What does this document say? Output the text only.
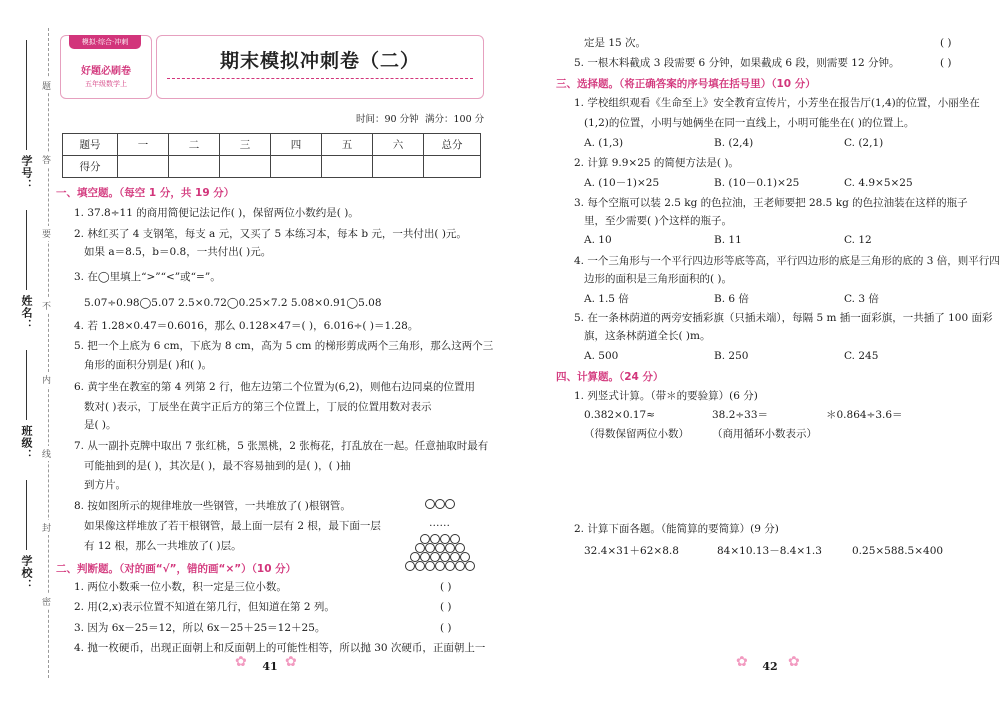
学号：
姓名：
班级：
学校：
题
答
要
不
内
线
封
密
模拟·综合·冲刺
好题必刷卷
五年级数学上
期末模拟冲刺卷（二）
时间：90 分钟 满分：100 分
题号	一	二	三	四	五	六	总分
得分							
一、填空题。（每空 1 分，共 19 分）
1. 37.8÷11 的商用简便记法记作( )，保留两位小数约是( )。
2. 林红买了 4 支钢笔，每支 a 元，又买了 5 本练习本，每本 b 元，一共付出( )元。
如果 a＝8.5，b＝0.8，一共付出( )元。
3. 在◯里填上“>”“<”或“=”。
5.07÷0.98◯5.07 2.5×0.72◯0.25×7.2 5.08×0.91◯5.08
4. 若 1.28×0.47＝0.6016，那么 0.128×47＝( )，6.016÷( )＝1.28。
5. 把一个上底为 6 cm，下底为 8 cm，高为 5 cm 的梯形剪成两个三角形，那么这两个三
角形的面积分别是( )和( )。
6. 黄宇坐在教室的第 4 列第 2 行，他左边第二个位置为(6,2)，则他右边同桌的位置用
数对( )表示，丁辰坐在黄宇正后方的第三个位置上，丁辰的位置用数对表示
是( )。
7. 从一副扑克牌中取出 7 张红桃，5 张黑桃，2 张梅花，打乱放在一起。任意抽取时最有
可能抽到的是( )，其次是( )，最不容易抽到的是( )，( )抽
到方片。
8. 按如图所示的规律堆放一些钢管，一共堆放了( )根钢管。
如果像这样堆放了若干根钢管，最上面一层有 2 根，最下面一层
有 12 根，那么一共堆放了( )层。
……
二、判断题。（对的画“√”，错的画“×”）（10 分）
1. 两位小数乘一位小数，积一定是三位小数。	( )
2. 用(2,x)表示位置不知道在第几行，但知道在第 2 列。	( )
3. 因为 6x－25＝12，所以 6x－25＋25＝12＋25。	( )
4. 抛一枚硬币，出现正面朝上和反面朝上的可能性相等，所以抛 30 次硬币，正面朝上一
✿	41 ✿
定是 15 次。	( )
5. 一根木料截成 3 段需要 6 分钟，如果截成 6 段，则需要 12 分钟。	( )
三、选择题。（将正确答案的序号填在括号里）（10 分）
1. 学校组织观看《生命至上》安全教育宣传片，小芳坐在报告厅(1,4)的位置，小丽坐在
(1,2)的位置，小明与她俩坐在同一直线上，小明可能坐在( )的位置上。
A. (1,3)	B. (2,4)	C. (2,1)
2. 计算 9.9×25 的简便方法是( )。
A. (10－1)×25	B. (10－0.1)×25	C. 4.9×5×25
3. 每个空瓶可以装 2.5 kg 的色拉油，王老师要把 28.5 kg 的色拉油装在这样的瓶子
里，至少需要( )个这样的瓶子。
A. 10	B. 11	C. 12
4. 一个三角形与一个平行四边形等底等高，平行四边形的底是三角形的底的 3 倍，则平行四
边形的面积是三角形面积的( )。
A. 1.5 倍	B. 6 倍	C. 3 倍
5. 在一条林荫道的两旁安插彩旗（只插未端），每隔 5 m 插一面彩旗，一共插了 100 面彩
旗，这条林荫道全长( )m。
A. 500	B. 250	C. 245
四、计算题。（24 分）
1. 列竖式计算。（带＊的要验算）(6 分)
0.382×0.17≈	38.2÷33＝	＊0.864÷3.6＝
（得数保留两位小数） （商用循环小数表示）
2. 计算下面各题。（能简算的要简算）(9 分)
32.4×31＋62×8.8	84×10.13－8.4×1.3	0.25×588.5×400
✿	42 ✿
